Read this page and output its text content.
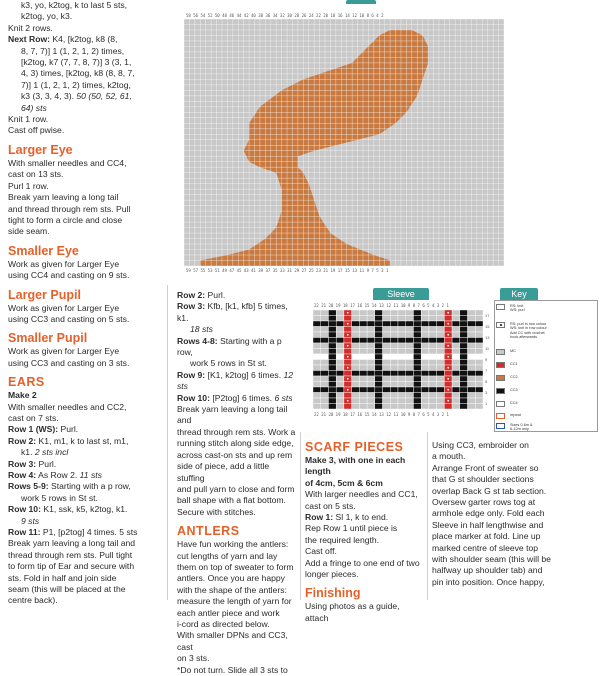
k3, yo, k2tog, k to last 5 sts,

k2tog, yo, k3.

Knit 2 rows.

Next Row: K4, [k2tog, k8 (8,

8, 7, 7)] 1 (1, 2, 1, 2) times,

[k2tog, k7 (7, 7, 8, 7)] 3 (3, 1,

4, 3) times, [k2tog, k8 (8, 8, 7,

7)] 1 (1, 2, 1, 2) times, k2tog,

k3 (3, 3, 4, 3). 50 (50, 52, 61,

64) sts

Knit 1 row.

Cast off pwise.

Larger Eye

With smaller needles and CC4,

cast on 13 sts.

Purl 1 row.

Break yarn leaving a long tail

and thread through rem sts. Pull

tight to form a circle and close

side seam.

Smaller Eye

Work as given for Larger Eye

using CC4 and casting on 9 sts.

Larger Pupil

Work as given for Larger Eye

using CC3 and casting on 5 sts.

Smaller Pupil

Work as given for Larger Eye

using CC3 and casting on 3 sts.

EARS

Make 2

With smaller needles and CC2,

cast on 7 sts.

Row 1 (WS): Purl.

Row 2: K1, m1, k to last st, m1,

k1. 2 sts incl

Row 3: Purl.

Row 4: As Row 2. 11 sts

Rows 5-9: Starting with a p row,

work 5 rows in St st.

Row 10: K1, ssk, k5, k2tog, k1.

9 sts

Row 11: P1, [p2tog] 4 times. 5 sts

Break yarn leaving a long tail and

thread through rem sts. Pull tight

to form tip of Ear and secure with

sts. Fold in half and join side

seam (this will be placed at the

centre back).

58 56 54 52 50 48 46 44 42 40 38 36 34 32 30 28 26 24 22 20 18 16 14 12 10 8 6 4 2
59 57 55 53 51 49 47 45 43 41 39 37 35 33 31 29 27 25 23 21 19 17 15 13 11 9 7 5 3 1
Sleeve
22 21 20 19 18 17 16 15 14 13 12 11 10 9 8 7 6 5 4 3 2 1
22 21 20 19 18 17 16 15 14 13 12 11 10 9 8 7 6 5 4 3 2 1
17
15
13
11
9
7
5
3
1
Key
RS: knit
WS: purl
RS: purl in row colour
WS: knit in row colour
Add CC with crochet
hook afterwards
MC
CC1
CC2
CC3
CC4
repeat
Sizes 0-6m &
6-12m only

Row 2: Purl.

Row 3: Kfb, [k1, kfb] 5 times, k1.

18 sts

Rows 4-8: Starting with a p row,

work 5 rows in St st.

Row 9: [K1, k2tog] 6 times. 12 sts

Row 10: [P2tog] 6 times. 6 sts

Break yarn leaving a long tail and

thread through rem sts. Work a

running stitch along side edge,

across cast-on sts and up rem

side of piece, add a little stuffing

and pull yarn to close and form

ball shape with a flat bottom.

Secure with stitches.

ANTLERS

Have fun working the antlers:

cut lengths of yarn and lay

them on top of sweater to form

antlers. Once you are happy

with the shape of the antlers:

measure the length of yarn for

each antler piece and work

i-cord as directed below.

With smaller DPNs and CC3, cast

on 3 sts.

*Do not turn. Slide all 3 sts to

SCARF PIECES

Make 3, with one in each length

of 4cm, 5cm & 6cm

With larger needles and CC1,

cast on 5 sts.

Row 1: Sl 1, k to end.

Rep Row 1 until piece is

the required length.

Cast off.

Add a fringe to one end of two

longer pieces.

Finishing

Using photos as a guide, attach

Using CC3, embroider on

a mouth.

Arrange Front of sweater so

that G st shoulder sections

overlap Back G st tab section.

Oversew garter rows tog at

armhole edge only. Fold each

Sleeve in half lengthwise and

place marker at fold. Line up

marked centre of sleeve top

with shoulder seam (this will be

halfway up shoulder tab) and

pin into position. Once happy,
